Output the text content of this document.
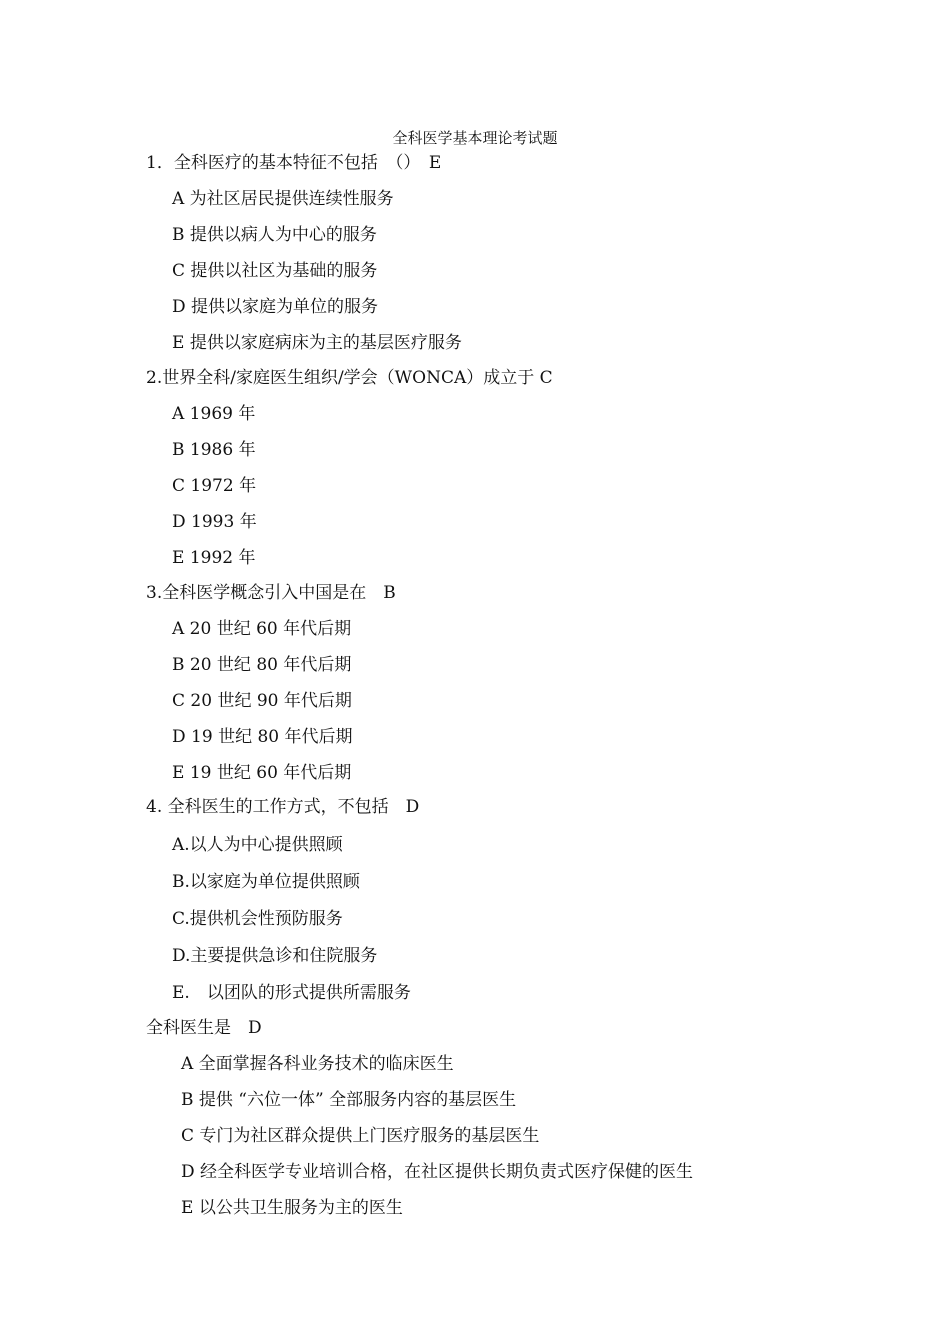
全科医学基本理论考试题
1．全科医疗的基本特征不包括　（）　E
A 为社区居民提供连续性服务
B 提供以病人为中心的服务
C 提供以社区为基础的服务
D 提供以家庭为单位的服务
E 提供以家庭病床为主的基层医疗服务
2.世界全科/家庭医生组织/学会（WONCA）成立于 C
A 1969 年
B 1986 年
C 1972 年
D 1993 年
E 1992 年
3.全科医学概念引入中国是在　B
A 20 世纪 60 年代后期
B 20 世纪 80 年代后期
C 20 世纪 90 年代后期
D 19 世纪 80 年代后期
E 19 世纪 60 年代后期
4. 全科医生的工作方式，不包括　D
A.以人为中心提供照顾
B.以家庭为单位提供照顾
C.提供机会性预防服务
D.主要提供急诊和住院服务
E.　以团队的形式提供所需服务
全科医生是　D
A 全面掌握各科业务技术的临床医生
B 提供 “六位一体” 全部服务内容的基层医生
C 专门为社区群众提供上门医疗服务的基层医生
D 经全科医学专业培训合格，在社区提供长期负责式医疗保健的医生
E 以公共卫生服务为主的医生
